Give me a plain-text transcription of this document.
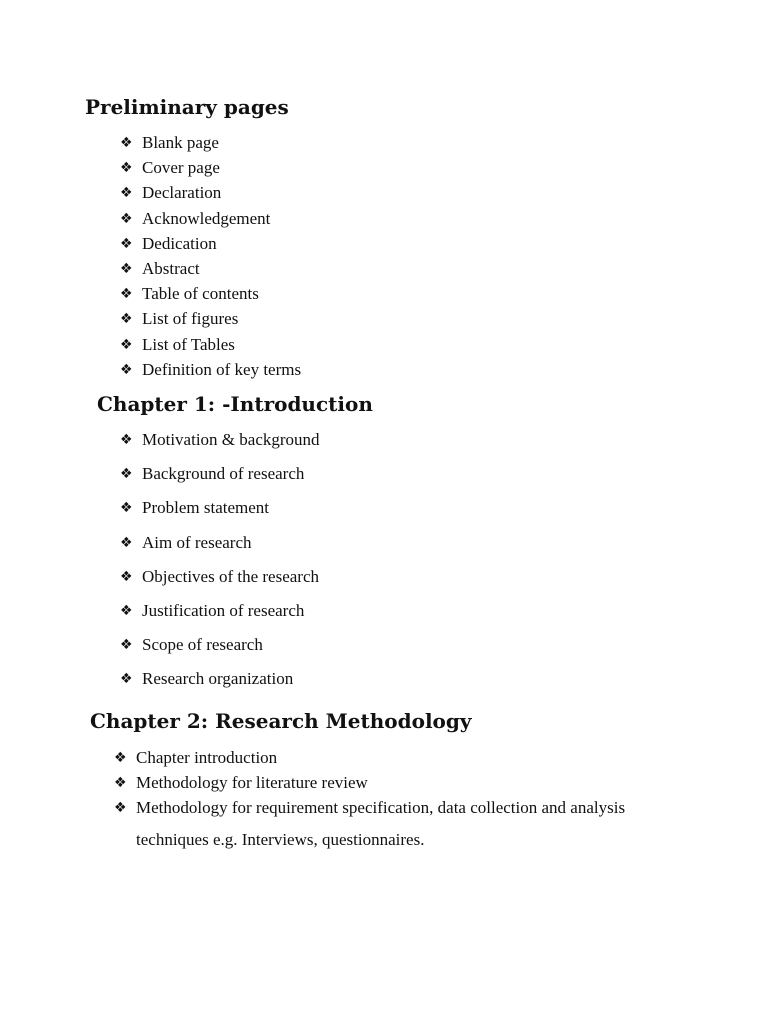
Preliminary pages
❖ Blank page
❖ Cover page
❖ Declaration
❖ Acknowledgement
❖ Dedication
❖ Abstract
❖ Table of contents
❖ List of figures
❖ List of Tables
❖ Definition of key terms
Chapter 1: -Introduction
❖ Motivation & background
❖ Background of research
❖ Problem statement
❖ Aim of research
❖ Objectives of the research
❖ Justification of research
❖ Scope of research
❖ Research organization
Chapter 2: Research Methodology
❖ Chapter introduction
❖ Methodology for literature review
❖ Methodology for requirement specification, data collection and analysis techniques e.g. Interviews, questionnaires.
